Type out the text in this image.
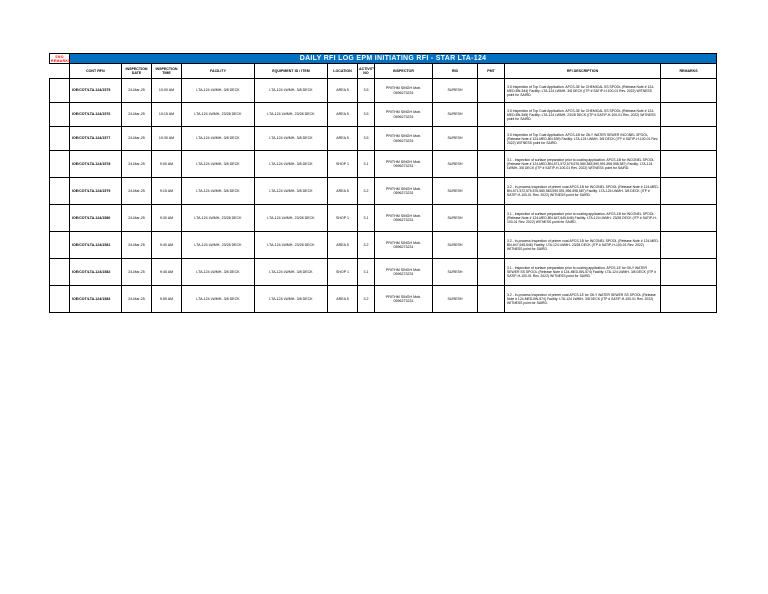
SNO REMARKS	DAILY RFI LOG EPM INITIATING RFI - STAR LTA-124											
	CONT RFI#	INSPECTION DATE	INSPECTION TIME	FACILITY	EQUIPMENT ID / ITEM	LOCATION	ACTIVITY NO	INSPECTOR	RID	PMT	RFI DESCRIPTION	REMARKS
	IOE/COT/LTA-124/1575	24-Mar-25	10:00 AM	LTA-124 LWMH- 3/8 DECK	LTA-124 LWMH- 3/8 DECK	AREA 5	3.5	PRITHM SINGH Mob. 0596273231	SURESH		3.5 Inspection of Top Coat Application. APCS-3E for CHEMICAL SS SPOOL (Release Note # 124-MED-BN-544) Facility: LTA-124 LWMH- 3/8 DECK (ITP # SATIP-H-100-01 Rev. 2022) WITNESS point for SAIRD.	
	IOE/COT/LTA-124/1576	24-Mar-25	10:15 AM	LTA-124 LWMH- 23/28 DECK	LTA-124 LWMH- 23/28 DECK	AREA 5	3.5	PRITHM SINGH Mob. 0596273231	SURESH		3.5 Inspection of Top Coat Application. APCS-3E for CHEMICAL SS SPOOL (Release Note # 124-MED-BN-545) Facility: LTA-124 LWMH- 23/28 DECK (ITP # SATIP-H-100-01 Rev. 2022) WITNESS point for SAIRD.	
	IOE/COT/LTA-124/1577	24-Mar-25	10:30 AM	LTA-124 LWMH- 3/8 DECK	LTA-124 LWMH- 3/8 DECK	AREA 5	3.5	PRITHM SINGH Mob. 0596273231	SURESH		3.5 Inspection of Top Coat Application. APCS-1B for OILY WATER SEWER INCONEL SPOOL (Release Note # 124-MED-BN-539) Facility: LTA-124 LWMH- 3/8 DECK (ITP # SATIP-H-100-01 Rev. 2022) WITNESS point for SAIRD.	
	IOE/COT/LTA-124/1578	24-Mar-25	9:00 AM	LTA-124 LWMH- 3/8 DECK	LTA-124 LWMH- 3/8 DECK	SHOP 1	3.1	PRITHM SINGH Mob. 0596273231	SURESH		3.1 - Inspection of surface preparation prior to coating application. APCS-1B for INCONEL SPOOL (Release Note # 124-MED-BN-571,572,575,576,580,583,590,591,596,598,587) Facility: LTA-124 LWMH- 3/8 DECK (ITP # SATIP-H-100-01 Rev. 2022) WITNESS point for SAIRD.	
	IOE/COT/LTA-124/1579	24-Mar-25	9:15 AM	LTA-124 LWMH- 3/8 DECK	LTA-124 LWMH- 3/8 DECK	AREA 5	3.2	PRITHM SINGH Mob. 0596273231	SURESH		3.2 - In-process Inspection of primer coat APCS-1B for INCONEL SPOOL (Release Note # 124-MED-BN-571,572,575,576,580,583,590,591,596,598,587) Facility: LTA-124 LWMH- 3/8 DECK (ITP # SATIP-H-100-01 Rev. 2022) WITNESS point for SAIRD.	
	IOE/COT/LTA-124/1580	24-Mar-25	9:30 AM	LTA-124 LWMH- 23/28 DECK	LTA-124 LWMH- 23/28 DECK	SHOP 1	3.1	PRITHM SINGH Mob. 0596273231	SURESH		3.1 - Inspection of surface preparation prior to coating application. APCS-1B for INCONEL SPOOL (Release Note # 124-MED-BN-647,645,646) Facility: LTA-124 LWMH- 23/28 DECK (ITP # SATIP-H-100-01 Rev. 2022) WITNESS point for SAIRD.	
	IOE/COT/LTA-124/1581	24-Mar-25	9:40 AM	LTA-124 LWMH- 23/28 DECK	LTA-124 LWMH- 23/28 DECK	AREA 5	3.2	PRITHM SINGH Mob. 0596273231	SURESH		3.2 - In-process Inspection of primer coat APCS-1B for INCONEL SPOOL (Release Note # 124-MED-BN-647,645,646) Facility: LTA-124 LWMH- 23/28 DECK (ITP # SATIP-H-100-01 Rev. 2022) WITNESS point for SAIRD.	
	IOE/COT/LTA-124/1582	24-Mar-25	9:45 AM	LTA-124 LWMH- 3/8 DECK	LTA-124 LWMH- 3/8 DECK	SHOP 1	3.1	PRITHM SINGH Mob. 0596273231	SURESH		3.1 - Inspection of surface preparation prior to coating application. APCS-1E for OILY WATER SEWER SS SPOOL (Release Note # 124-MED-BN-574) Facility: LTA-124 LWMH- 3/8 DECK (ITP # SATIP-H-100-01 Rev. 2022) WITNESS point for SAIRD.	
	IOE/COT/LTA-124/1583	24-Mar-25	9:55 AM	LTA-124 LWMH- 3/8 DECK	LTA-124 LWMH- 3/8 DECK	AREA 5	3.2	PRITHM SINGH Mob. 0596273231	SURESH		3.2 - In-process Inspection of primer coat APCS-1E for OILY WATER SEWER SS SPOOL (Release Note # 124-MED-BN-574) Facility: LTA-124 LWMH- 3/8 DECK (ITP # SATIP-H-100-01 Rev. 2022) WITNESS point for SAIRD.	
